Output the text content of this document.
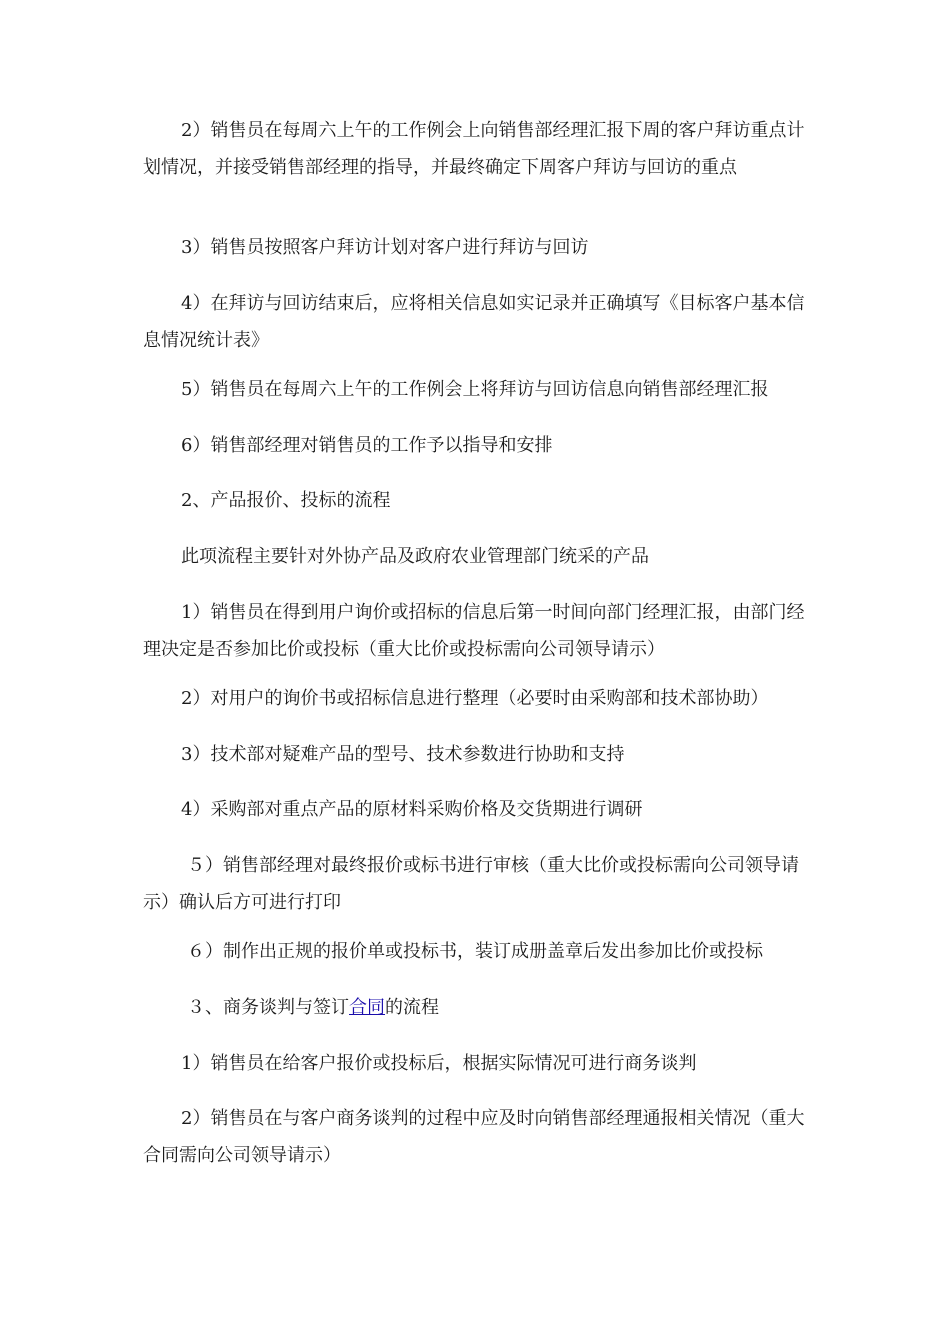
2）销售员在每周六上午的工作例会上向销售部经理汇报下周的客户拜访重点计划情况，并接受销售部经理的指导，并最终确定下周客户拜访与回访的重点

3）销售员按照客户拜访计划对客户进行拜访与回访

4）在拜访与回访结束后，应将相关信息如实记录并正确填写《目标客户基本信息情况统计表》

5）销售员在每周六上午的工作例会上将拜访与回访信息向销售部经理汇报

6）销售部经理对销售员的工作予以指导和安排

2、产品报价、投标的流程

此项流程主要针对外协产品及政府农业管理部门统采的产品

1）销售员在得到用户询价或招标的信息后第一时间向部门经理汇报，由部门经理决定是否参加比价或投标（重大比价或投标需向公司领导请示）

2）对用户的询价书或招标信息进行整理（必要时由采购部和技术部协助）

3）技术部对疑难产品的型号、技术参数进行协助和支持

4）采购部对重点产品的原材料采购价格及交货期进行调研

５）销售部经理对最终报价或标书进行审核（重大比价或投标需向公司领导请示）确认后方可进行打印

６）制作出正规的报价单或投标书，装订成册盖章后发出参加比价或投标

３、商务谈判与签订合同的流程

1）销售员在给客户报价或投标后，根据实际情况可进行商务谈判

2）销售员在与客户商务谈判的过程中应及时向销售部经理通报相关情况（重大合同需向公司领导请示）
